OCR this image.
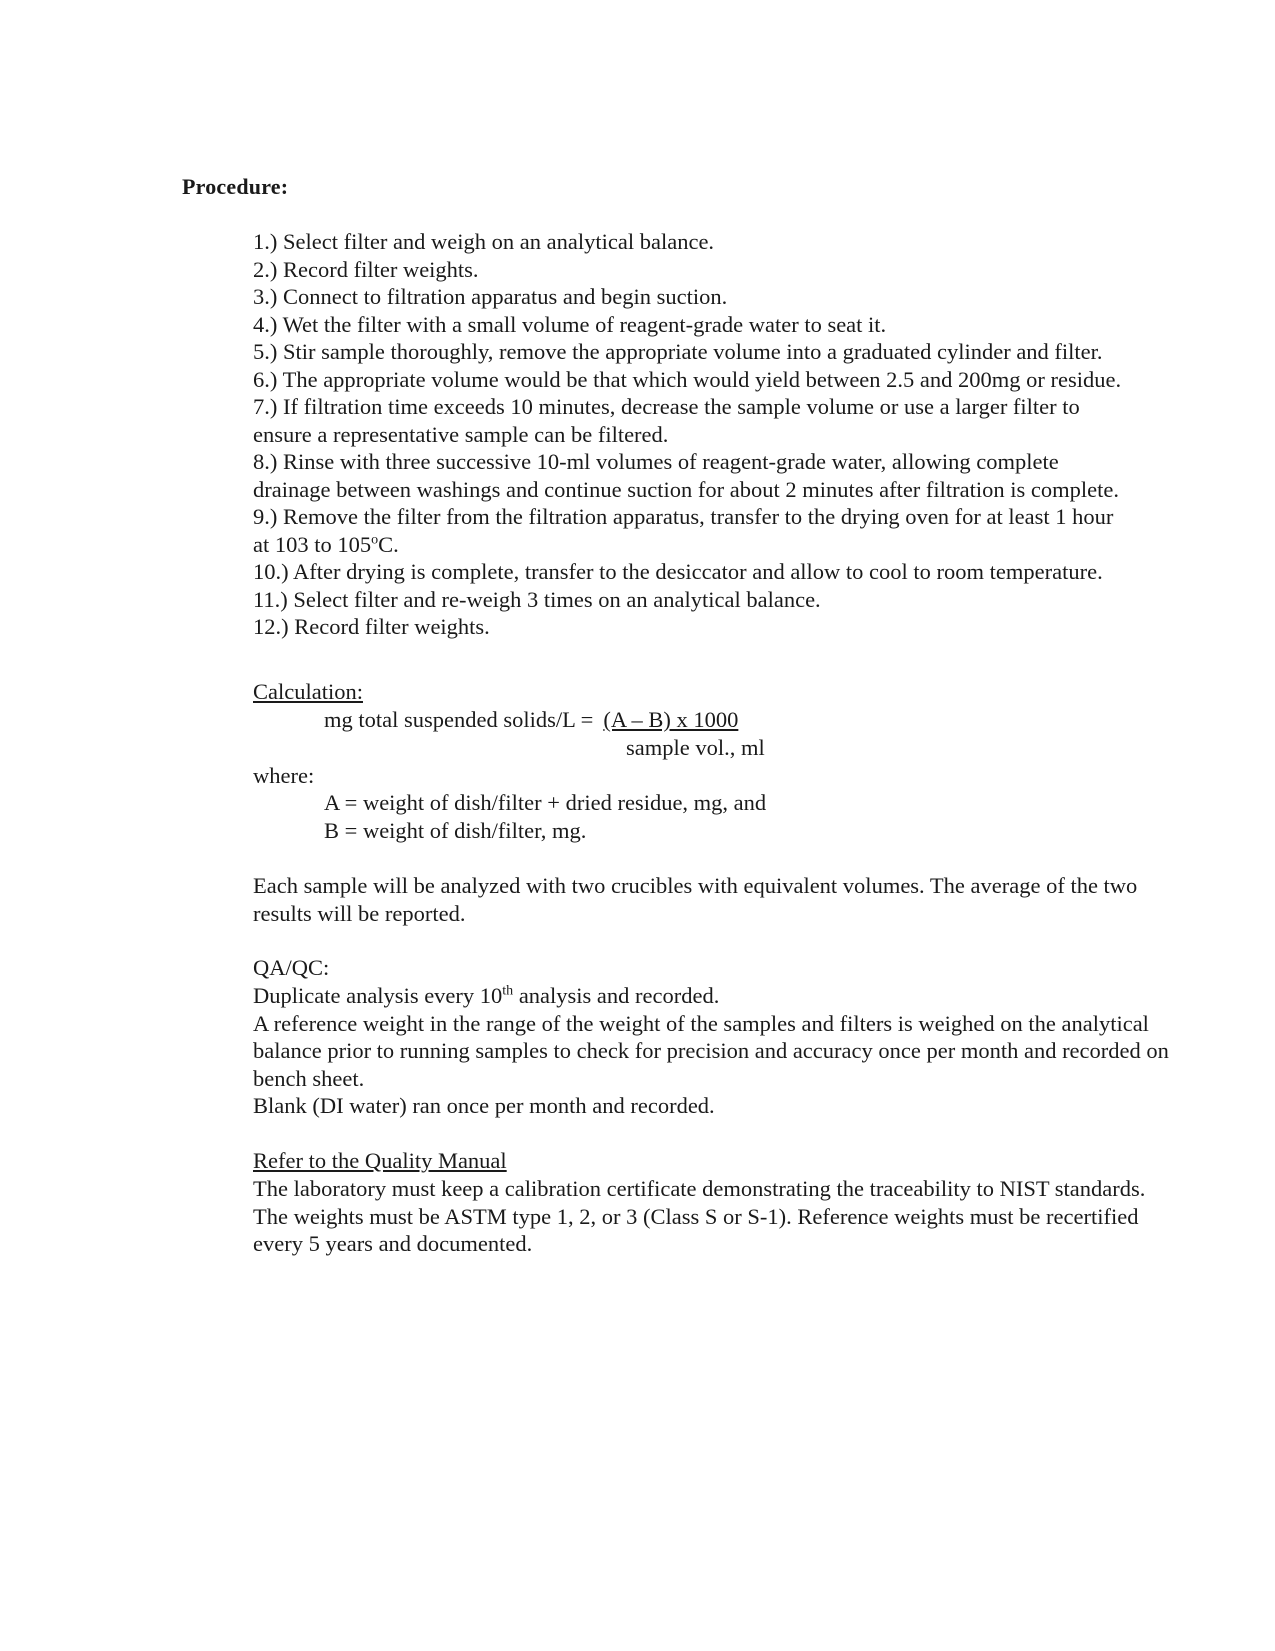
Procedure:
1.) Select filter and weigh on an analytical balance.
2.) Record filter weights.
3.) Connect to filtration apparatus and begin suction.
4.) Wet the filter with a small volume of reagent-grade water to seat it.
5.) Stir sample thoroughly, remove the appropriate volume into a graduated cylinder and filter.
6.) The appropriate volume would be that which would yield between 2.5 and 200mg or residue.
7.) If filtration time exceeds 10 minutes, decrease the sample volume or use a larger filter to
ensure a representative sample can be filtered.
8.) Rinse with three successive 10-ml volumes of reagent-grade water, allowing complete
drainage between washings and continue suction for about 2 minutes after filtration is complete.
9.) Remove the filter from the filtration apparatus, transfer to the drying oven for at least 1 hour
at 103 to 105$^o$C.
10.) After drying is complete, transfer to the desiccator and allow to cool to room temperature.
11.) Select filter and re-weigh 3 times on an analytical balance.
12.) Record filter weights.
Calculation:
mg total suspended solids/L = (A – B) x 1000
sample vol., ml
where:
A = weight of dish/filter + dried residue, mg, and
B = weight of dish/filter, mg.
Each sample will be analyzed with two crucibles with equivalent volumes. The average of the two results will be reported.
QA/QC:

Duplicate analysis every 10th analysis and recorded.

A reference weight in the range of the weight of the samples and filters is weighed on the analytical balance prior to running samples to check for precision and accuracy once per month and recorded on bench sheet.

Blank (DI water) ran once per month and recorded.

Refer to the Quality Manual
The laboratory must keep a calibration certificate demonstrating the traceability to NIST standards. The weights must be ASTM type 1, 2, or 3 (Class S or S-1). Reference weights must be recertified every 5 years and documented.
